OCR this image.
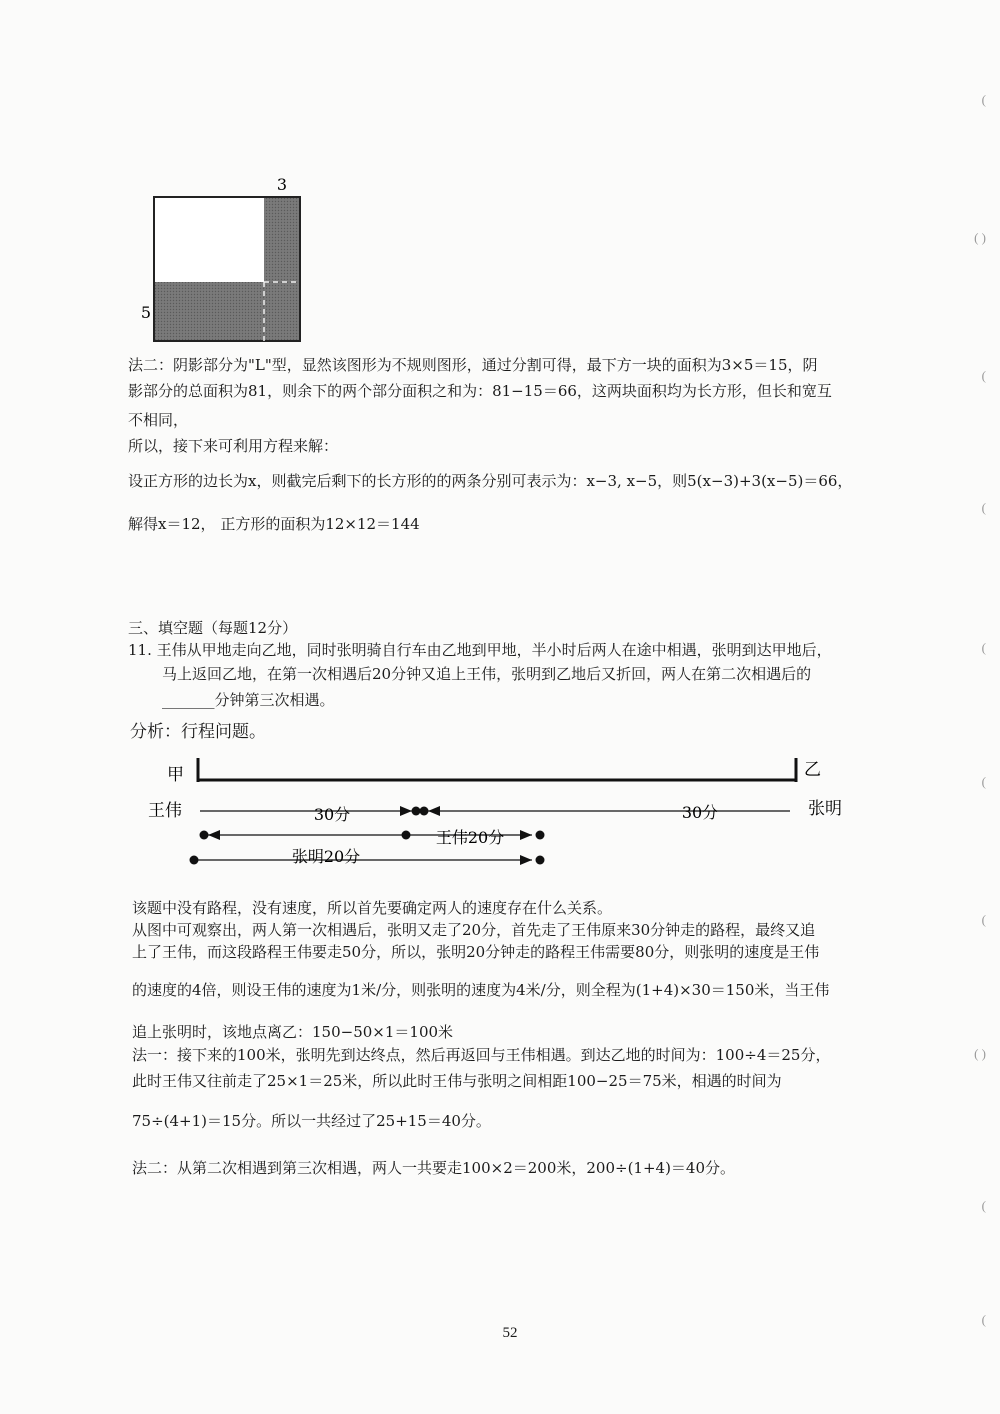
3
5
法二：阴影部分为"L"型，显然该图形为不规则图形，通过分割可得，最下方一块的面积为3×5＝15，阴
影部分的总面积为81，则余下的两个部分面积之和为：81−15＝66，这两块面积均为长方形，但长和宽互
不相同，
所以，接下来可利用方程来解：
设正方形的边长为x，则截完后剩下的长方形的的两条分别可表示为：x−3, x−5，则5(x−3)+3(x−5)＝66，
解得x＝12， 正方形的面积为12×12＝144
三、填空题（每题12分）
11. 王伟从甲地走向乙地，同时张明骑自行车由乙地到甲地，半小时后两人在途中相遇，张明到达甲地后，
马上返回乙地，在第一次相遇后20分钟又追上王伟，张明到乙地后又折回，两人在第二次相遇后的
_______分钟第三次相遇。
分析：行程问题。
甲	乙
王伟	30分	30分	张明
王伟20分
张明20分
该题中没有路程，没有速度，所以首先要确定两人的速度存在什么关系。
从图中可观察出，两人第一次相遇后，张明又走了20分，首先走了王伟原来30分钟走的路程，最终又追
上了王伟，而这段路程王伟要走50分，所以，张明20分钟走的路程王伟需要80分，则张明的速度是王伟
的速度的4倍，则设王伟的速度为1米/分，则张明的速度为4米/分，则全程为(1+4)×30＝150米，当王伟
追上张明时，该地点离乙：150−50×1＝100米
法一：接下来的100米，张明先到达终点，然后再返回与王伟相遇。到达乙地的时间为：100÷4＝25分，
此时王伟又往前走了25×1＝25米，所以此时王伟与张明之间相距100−25＝75米，相遇的时间为
75÷(4+1)＝15分。所以一共经过了25+15＝40分。
法二：从第二次相遇到第三次相遇，两人一共要走100×2＝200米，200÷(1+4)＝40分。
52
(
( )
(
(
(
(
(
( )
(
(
